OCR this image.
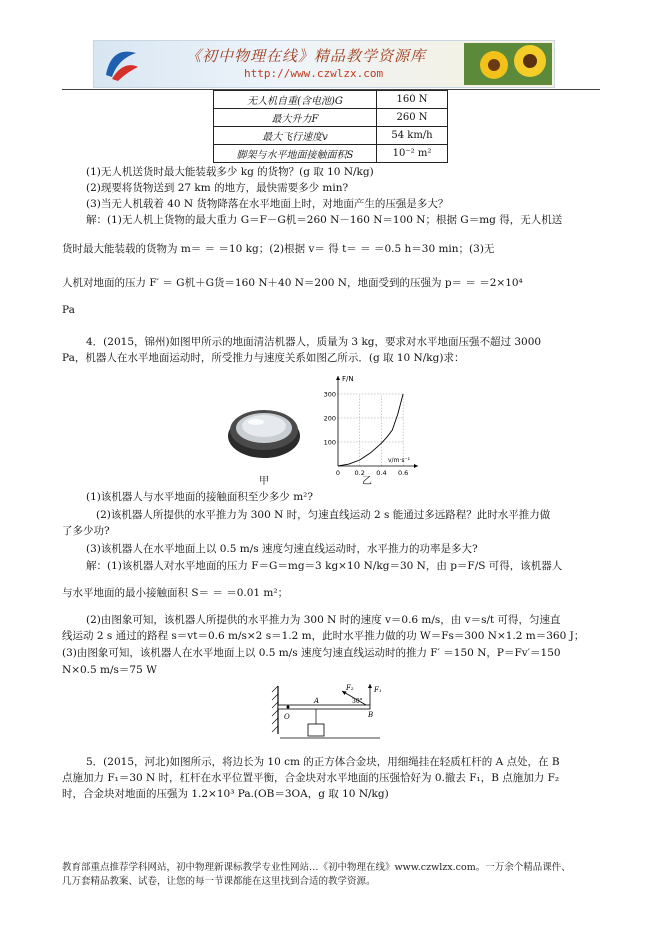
《初中物理在线》精品教学资源库
http://www.czwlzx.com
无人机自重(含电池)G	160 N
最大升力F	260 N
最大飞行速度v	54 km/h
脚架与水平地面接触面积S	10⁻² m²
(1)无人机送货时最大能装载多少 kg 的货物？(g 取 10 N/kg)
(2)现要将货物送到 27 km 的地方，最快需要多少 min?
(3)当无人机载着 40 N 货物降落在水平地面上时，对地面产生的压强是多大？
解：(1)无人机上货物的最大重力 G＝F－G机＝260 N－160 N＝100 N；根据 G＝mg 得，无人机送
货时最大能装载的货物为 m＝ ＝ ＝10 kg；(2)根据 v＝ 得 t＝ ＝ ＝0.5 h＝30 min；(3)无
人机对地面的压力 F′ ＝ G机＋G货＝160 N＋40 N＝200 N，地面受到的压强为 p＝ ＝ ＝2×10⁴
Pa
4．(2015，锦州)如图甲所示的地面清洁机器人，质量为 3 kg，要求对水平地面压强不超过 3000
Pa，机器人在水平地面运动时，所受推力与速度关系如图乙所示．(g 取 10 N/kg)求：
甲
F/N
v/m·s⁻¹
100
200
300
0 0.2 0.4 0.6
乙
(1)该机器人与水平地面的接触面积至少多少 m²?
(2)该机器人所提供的水平推力为 300 N 时，匀速直线运动 2 s 能通过多远路程？此时水平推力做
了多少功?
(3)该机器人在水平地面上以 0.5 m/s 速度匀速直线运动时，水平推力的功率是多大?
解：(1)该机器人对水平地面的压力 F＝G＝mg＝3 kg×10 N/kg＝30 N，由 p＝F/S 可得，该机器人
与水平地面的最小接触面积 S＝ ＝ ＝0.01 m²；
(2)由图象可知，该机器人所提供的水平推力为 300 N 时的速度 v＝0.6 m/s，由 v＝s/t 可得，匀速直
线运动 2 s 通过的路程 s＝vt＝0.6 m/s×2 s＝1.2 m，此时水平推力做的功 W＝Fs＝300 N×1.2 m＝360 J；
(3)由图象可知，该机器人在水平地面上以 0.5 m/s 速度匀速直线运动时的推力 F′ ＝150 N，P＝Fv′＝150
N×0.5 m/s＝75 W
O
A
B
F₁
F₂
30°
5．(2015，河北)如图所示，将边长为 10 cm 的正方体合金块，用细绳挂在轻质杠杆的 A 点处，在 B
点施加力 F₁＝30 N 时，杠杆在水平位置平衡，合金块对水平地面的压强恰好为 0.撤去 F₁，B 点施加力 F₂
时，合金块对地面的压强为 1.2×10³ Pa.(OB＝3OA，g 取 10 N/kg)
教育部重点推荐学科网站，初中物理新课标教学专业性网站…《初中物理在线》www.czwlzx.com。一万余个精品课件、
几万套精品教案、试卷，让您的每一节课都能在这里找到合适的教学资源。
